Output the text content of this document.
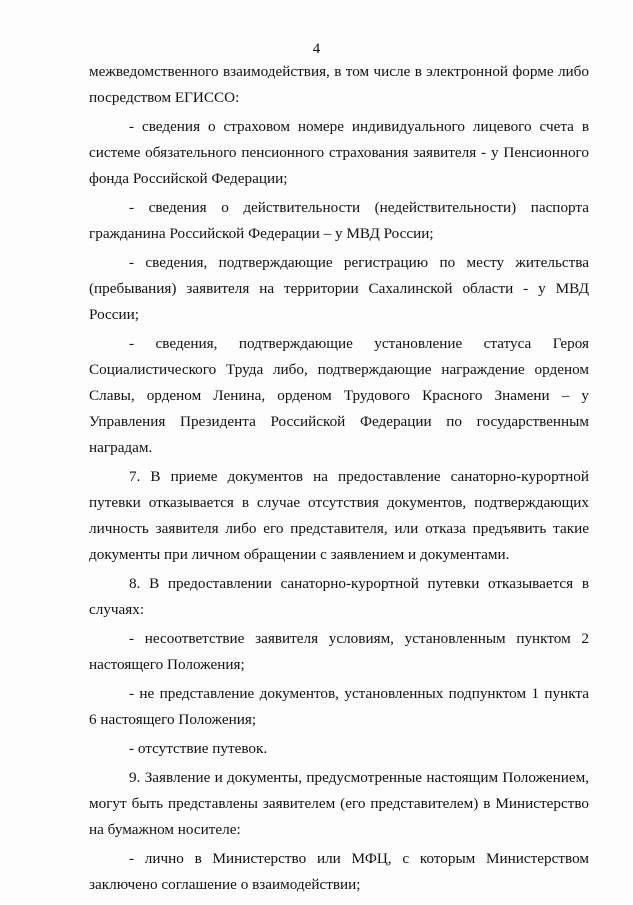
4

межведомственного взаимодействия, в том числе в электронной форме либо посредством ЕГИССО:

- сведения о страховом номере индивидуального лицевого счета в системе обязательного пенсионного страхования заявителя - у Пенсионного фонда Российской Федерации;

- сведения о действительности (недействительности) паспорта гражданина Российской Федерации – у МВД России;

- сведения, подтверждающие регистрацию по месту жительства (пребывания) заявителя на территории Сахалинской области - у МВД России;

- сведения, подтверждающие установление статуса Героя Социалистического Труда либо, подтверждающие награждение орденом Славы, орденом Ленина, орденом Трудового Красного Знамени – у Управления Президента Российской Федерации по государственным наградам.

7. В приеме документов на предоставление санаторно-курортной путевки отказывается в случае отсутствия документов, подтверждающих личность заявителя либо его представителя, или отказа предъявить такие документы при личном обращении с заявлением и документами.

8. В предоставлении санаторно-курортной путевки отказывается в случаях:

- несоответствие заявителя условиям, установленным пунктом 2 настоящего Положения;

- не представление документов, установленных подпунктом 1 пункта 6 настоящего Положения;

- отсутствие путевок.

9. Заявление и документы, предусмотренные настоящим Положением, могут быть представлены заявителем (его представителем) в Министерство на бумажном носителе:

- лично в Министерство или МФЦ, с которым Министерством заключено соглашение о взаимодействии;
